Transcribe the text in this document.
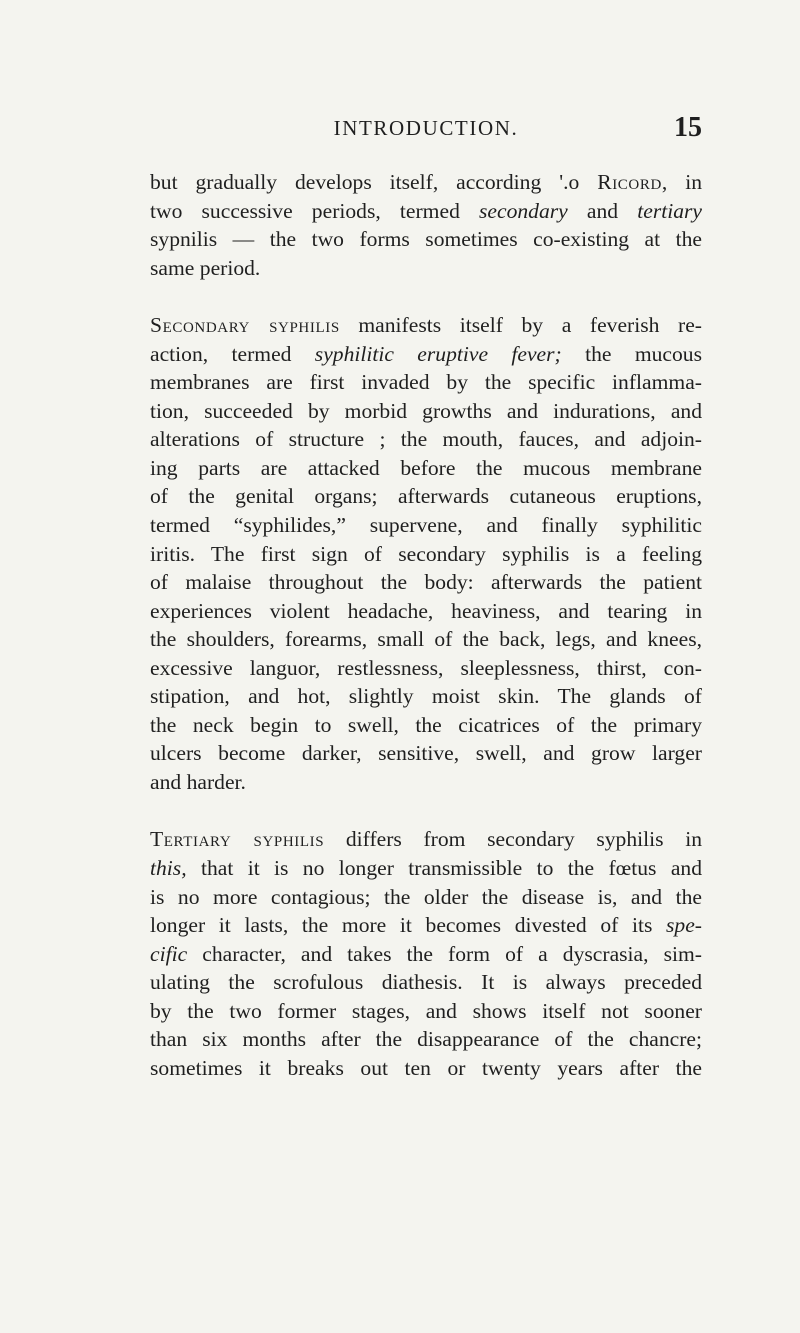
INTRODUCTION.	15
but gradually develops itself, according '.o Ricord, in
two successive periods, termed secondary and tertiary
sypnilis — the two forms sometimes co-existing at the
same period.
Secondary syphilis manifests itself by a feverish re-
action, termed syphilitic eruptive fever; the mucous
membranes are first invaded by the specific inflamma-
tion, succeeded by morbid growths and indurations, and
alterations of structure ; the mouth, fauces, and adjoin-
ing parts are attacked before the mucous membrane
of the genital organs; afterwards cutaneous eruptions,
termed “syphilides,” supervene, and finally syphilitic
iritis. The first sign of secondary syphilis is a feeling
of malaise throughout the body: afterwards the patient
experiences violent headache, heaviness, and tearing in
the shoulders, forearms, small of the back, legs, and knees,
excessive languor, restlessness, sleeplessness, thirst, con-
stipation, and hot, slightly moist skin. The glands of
the neck begin to swell, the cicatrices of the primary
ulcers become darker, sensitive, swell, and grow larger
and harder.
Tertiary syphilis differs from secondary syphilis in
this, that it is no longer transmissible to the fœtus and
is no more contagious; the older the disease is, and the
longer it lasts, the more it becomes divested of its spe-
cific character, and takes the form of a dyscrasia, sim-
ulating the scrofulous diathesis. It is always preceded
by the two former stages, and shows itself not sooner
than six months after the disappearance of the chancre;
sometimes it breaks out ten or twenty years after the
